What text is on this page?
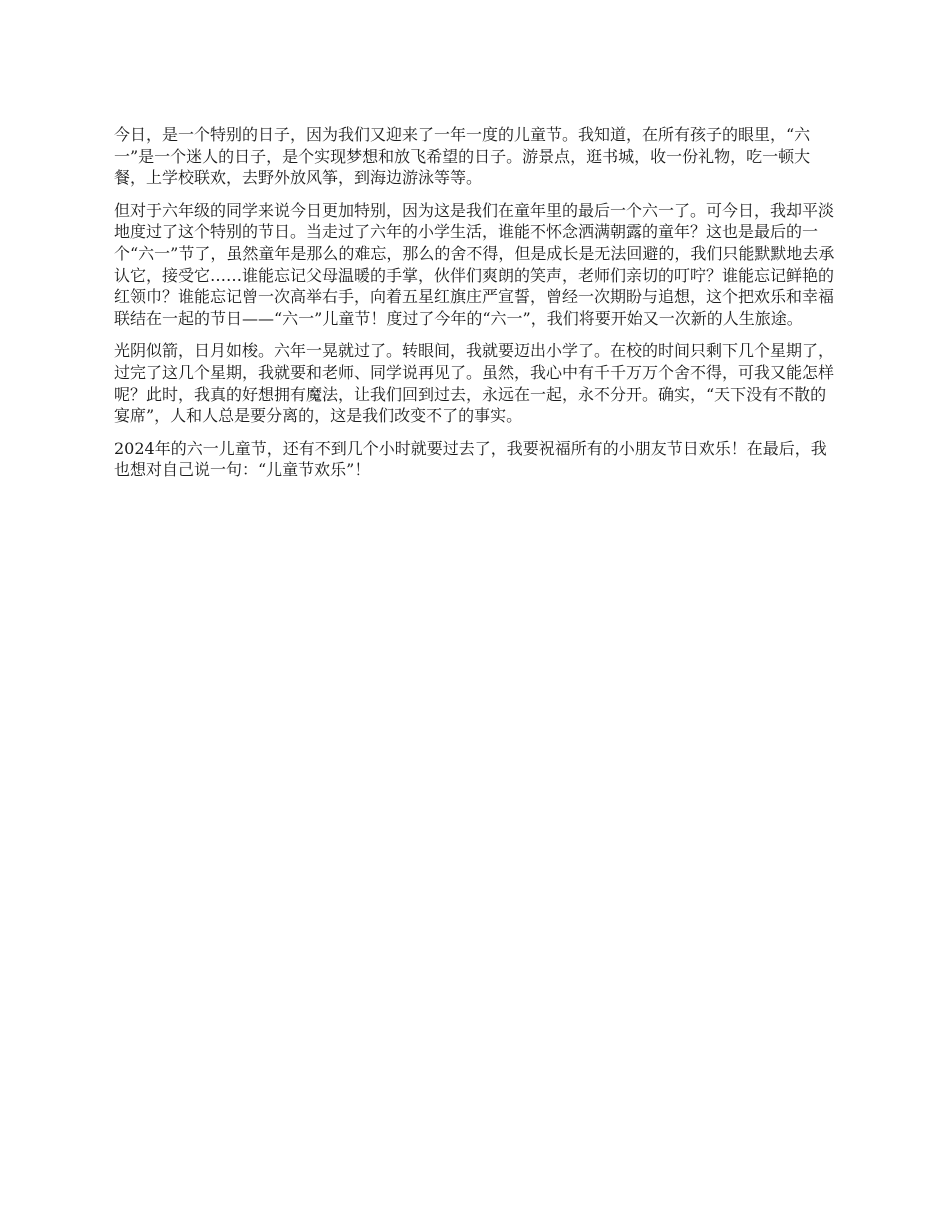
今日，是一个特别的日子，因为我们又迎来了一年一度的儿童节。我知道，在所有孩子的眼里，“六一”是一个迷人的日子，是个实现梦想和放飞希望的日子。游景点，逛书城，收一份礼物，吃一顿大餐，上学校联欢，去野外放风筝，到海边游泳等等。

但对于六年级的同学来说今日更加特别，因为这是我们在童年里的最后一个六一了。可今日，我却平淡地度过了这个特别的节日。当走过了六年的小学生活，谁能不怀念洒满朝露的童年？这也是最后的一个“六一”节了，虽然童年是那么的难忘，那么的舍不得，但是成长是无法回避的，我们只能默默地去承认它，接受它……谁能忘记父母温暖的手掌，伙伴们爽朗的笑声，老师们亲切的叮咛？谁能忘记鲜艳的红领巾？谁能忘记曾一次高举右手，向着五星红旗庄严宣誓，曾经一次期盼与追想，这个把欢乐和幸福联结在一起的节日——“六一”儿童节！度过了今年的“六一”，我们将要开始又一次新的人生旅途。

光阴似箭，日月如梭。六年一晃就过了。转眼间，我就要迈出小学了。在校的时间只剩下几个星期了，过完了这几个星期，我就要和老师、同学说再见了。虽然，我心中有千千万万个舍不得，可我又能怎样呢？此时，我真的好想拥有魔法，让我们回到过去，永远在一起，永不分开。确实，“天下没有不散的宴席”，人和人总是要分离的，这是我们改变不了的事实。

2024年的六一儿童节，还有不到几个小时就要过去了，我要祝福所有的小朋友节日欢乐！在最后，我也想对自己说一句：“儿童节欢乐”！
